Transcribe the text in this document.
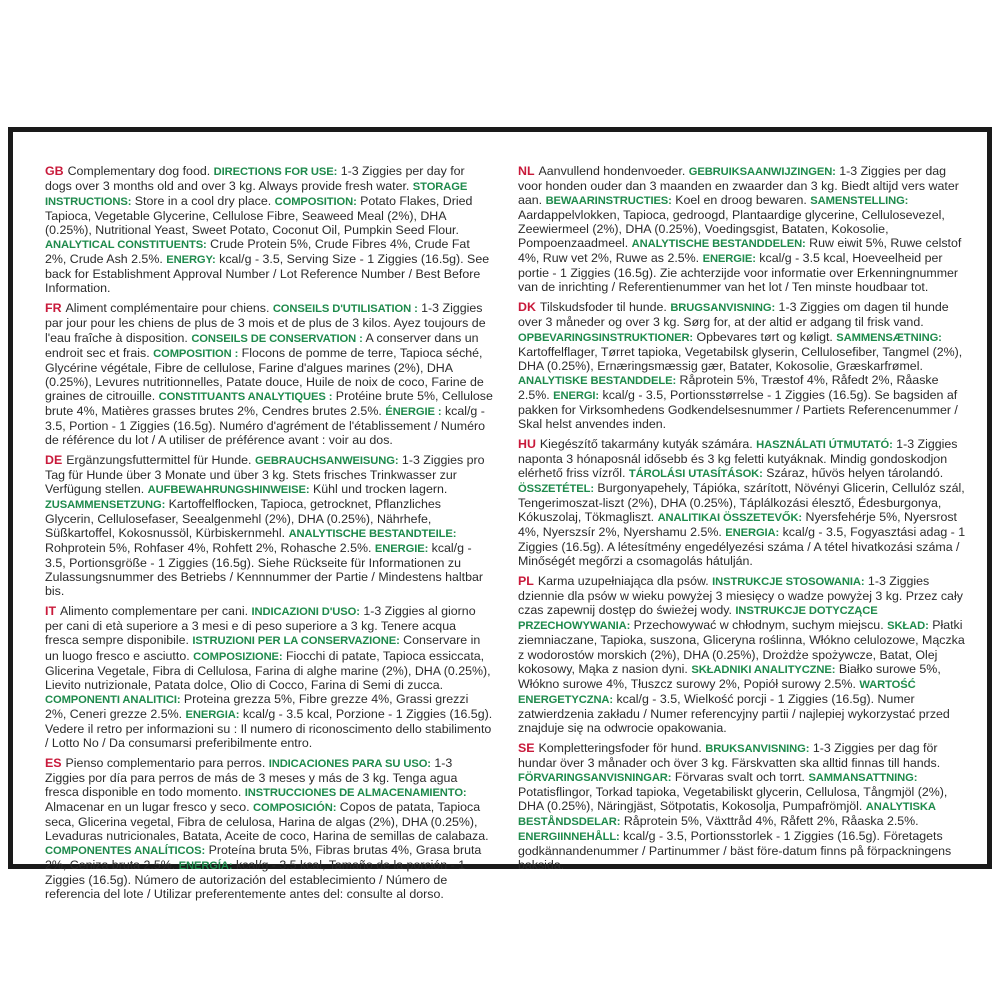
GB Complementary dog food. DIRECTIONS FOR USE: 1-3 Ziggies per day for dogs over 3 months old and over 3 kg. Always provide fresh water. STORAGE INSTRUCTIONS: Store in a cool dry place. COMPOSITION: Potato Flakes, Dried Tapioca, Vegetable Glycerine, Cellulose Fibre, Seaweed Meal (2%), DHA (0.25%), Nutritional Yeast, Sweet Potato, Coconut Oil, Pumpkin Seed Flour. ANALYTICAL CONSTITUENTS: Crude Protein 5%, Crude Fibres 4%, Crude Fat 2%, Crude Ash 2.5%. ENERGY: kcal/g - 3.5, Serving Size - 1 Ziggies (16.5g). See back for Establishment Approval Number / Lot Reference Number / Best Before Information.

FR Aliment complémentaire pour chiens. CONSEILS D'UTILISATION : 1-3 Ziggies par jour pour les chiens de plus de 3 mois et de plus de 3 kilos. Ayez toujours de l'eau fraîche à disposition. CONSEILS DE CONSERVATION : A conserver dans un endroit sec et frais. COMPOSITION : Flocons de pomme de terre, Tapioca séché, Glycérine végétale, Fibre de cellulose, Farine d'algues marines (2%), DHA (0.25%), Levures nutritionnelles, Patate douce, Huile de noix de coco, Farine de graines de citrouille. CONSTITUANTS ANALYTIQUES : Protéine brute 5%, Cellulose brute 4%, Matières grasses brutes 2%, Cendres brutes 2.5%. ÉNERGIE : kcal/g - 3.5, Portion - 1 Ziggies (16.5g). Numéro d'agrément de l'établissement / Numéro de référence du lot / A utiliser de préférence avant : voir au dos.

DE Ergänzungsfuttermittel für Hunde. GEBRAUCHSANWEISUNG: 1-3 Ziggies pro Tag für Hunde über 3 Monate und über 3 kg. Stets frisches Trinkwasser zur Verfügung stellen. AUFBEWAHRUNGSHINWEISE: Kühl und trocken lagern. ZUSAMMENSETZUNG: Kartoffelflocken, Tapioca, getrocknet, Pflanzliches Glycerin, Cellulosefaser, Seealgenmehl (2%), DHA (0.25%), Nährhefe, Süßkartoffel, Kokosnussöl, Kürbiskernmehl. ANALYTISCHE BESTANDTEILE: Rohprotein 5%, Rohfaser 4%, Rohfett 2%, Rohasche 2.5%. ENERGIE: kcal/g - 3.5, Portionsgröße - 1 Ziggies (16.5g). Siehe Rückseite für Informationen zu Zulassungsnummer des Betriebs / Kennnummer der Partie / Mindestens haltbar bis.

IT Alimento complementare per cani. INDICAZIONI D'USO: 1-3 Ziggies al giorno per cani di età superiore a 3 mesi e di peso superiore a 3 kg. Tenere acqua fresca sempre disponibile. ISTRUZIONI PER LA CONSERVAZIONE: Conservare in un luogo fresco e asciutto. COMPOSIZIONE: Fiocchi di patate, Tapioca essiccata, Glicerina Vegetale, Fibra di Cellulosa, Farina di alghe marine (2%), DHA (0.25%), Lievito nutrizionale, Patata dolce, Olio di Cocco, Farina di Semi di zucca. COMPONENTI ANALITICI: Proteina grezza 5%, Fibre grezze 4%, Grassi grezzi 2%, Ceneri grezze 2.5%. ENERGIA: kcal/g - 3.5 kcal, Porzione - 1 Ziggies (16.5g). Vedere il retro per informazioni su : Il numero di riconoscimento dello stabilimento / Lotto No / Da consumarsi preferibilmente entro.

ES Pienso complementario para perros. INDICACIONES PARA SU USO: 1-3 Ziggies por día para perros de más de 3 meses y más de 3 kg. Tenga agua fresca disponible en todo momento. INSTRUCCIONES DE ALMACENAMIENTO: Almacenar en un lugar fresco y seco. COMPOSICIÓN: Copos de patata, Tapioca seca, Glicerina vegetal, Fibra de celulosa, Harina de algas (2%), DHA (0.25%), Levaduras nutricionales, Batata, Aceite de coco, Harina de semillas de calabaza. COMPONENTES ANALÍTICOS: Proteína bruta 5%, Fibras brutas 4%, Grasa bruta 2%, Ceniza bruta 2.5%. ENERGÍA: kcal/g - 3.5 kcal, Tamaño de la porción - 1 Ziggies (16.5g). Número de autorización del establecimiento / Número de referencia del lote / Utilizar preferentemente antes del: consulte al dorso.

NL Aanvullend hondenvoeder. GEBRUIKSAANWIJZINGEN: 1-3 Ziggies per dag voor honden ouder dan 3 maanden en zwaarder dan 3 kg. Biedt altijd vers water aan. BEWAARINSTRUCTIES: Koel en droog bewaren. SAMENSTELLING: Aardappelvlokken, Tapioca, gedroogd, Plantaardige glycerine, Cellulosevezel, Zeewiermeel (2%), DHA (0.25%), Voedingsgist, Bataten, Kokosolie, Pompoenzaadmeel. ANALYTISCHE BESTANDDELEN: Ruw eiwit 5%, Ruwe celstof 4%, Ruw vet 2%, Ruwe as 2.5%. ENERGIE: kcal/g - 3.5 kcal, Hoeveelheid per portie - 1 Ziggies (16.5g). Zie achterzijde voor informatie over Erkenningnummer van de inrichting / Referentienummer van het lot / Ten minste houdbaar tot.

DK Tilskudsfoder til hunde. BRUGSANVISNING: 1-3 Ziggies om dagen til hunde over 3 måneder og over 3 kg. Sørg for, at der altid er adgang til frisk vand. OPBEVARINGSINSTRUKTIONER: Opbevares tørt og køligt. SAMMENSÆTNING: Kartoffelflager, Tørret tapioka, Vegetabilsk glyserin, Cellulosefiber, Tangmel (2%), DHA (0.25%), Ernæringsmæssig gær, Batater, Kokosolie, Græskarfrømel. ANALYTISKE BESTANDDELE: Råprotein 5%, Træstof 4%, Råfedt 2%, Råaske 2.5%. ENERGI: kcal/g - 3.5, Portionsstørrelse - 1 Ziggies (16.5g). Se bagsiden af pakken for Virksomhedens Godkendelsesnummer / Partiets Referencenummer / Skal helst anvendes inden.

HU Kiegészítő takarmány kutyák számára. HASZNÁLATI ÚTMUTATÓ: 1-3 Ziggies naponta 3 hónaposnál idősebb és 3 kg feletti kutyáknak. Mindig gondoskodjon elérhető friss vízről. TÁROLÁSI UTASÍTÁSOK: Száraz, hűvös helyen tárolandó. ÖSSZETÉTEL: Burgonyapehely, Tápióka, szárított, Növényi Glicerin, Cellulóz szál, Tengerimoszat-liszt (2%), DHA (0.25%), Táplálkozási élesztő, Édesburgonya, Kókuszolaj, Tökmagliszt. ANALITIKAI ÖSSZETEVŐK: Nyersfehérje 5%, Nyersrost 4%, Nyerszsír 2%, Nyershamu 2.5%. ENERGIA: kcal/g - 3.5, Fogyasztási adag - 1 Ziggies (16.5g). A létesítmény engedélyezési száma / A tétel hivatkozási száma / Minőségét megőrzi a csomagolás hátulján.

PL Karma uzupełniająca dla psów. INSTRUKCJE STOSOWANIA: 1-3 Ziggies dziennie dla psów w wieku powyżej 3 miesięcy o wadze powyżej 3 kg. Przez cały czas zapewnij dostęp do świeżej wody. INSTRUKCJE DOTYCZĄCE PRZECHOWYWANIA: Przechowywać w chłodnym, suchym miejscu. SKŁAD: Płatki ziemniaczane, Tapioka, suszona, Gliceryna roślinna, Włókno celulozowe, Mączka z wodorostów morskich (2%), DHA (0.25%), Drożdże spożywcze, Batat, Olej kokosowy, Mąka z nasion dyni. SKŁADNIKI ANALITYCZNE: Białko surowe 5%, Włókno surowe 4%, Tłuszcz surowy 2%, Popiół surowy 2.5%. WARTOŚĆ ENERGETYCZNA: kcal/g - 3.5, Wielkość porcji - 1 Ziggies (16.5g). Numer zatwierdzenia zakładu / Numer referencyjny partii / najlepiej wykorzystać przed znajduje się na odwrocie opakowania.

SE Kompletteringsfoder för hund. BRUKSANVISNING: 1-3 Ziggies per dag för hundar över 3 månader och över 3 kg. Färskvatten ska alltid finnas till hands. FÖRVARINGSANVISNINGAR: Förvaras svalt och torrt. SAMMANSATTNING: Potatisflingor, Torkad tapioka, Vegetabiliskt glycerin, Cellulosa, Tångmjöl (2%), DHA (0.25%), Näringjäst, Sötpotatis, Kokosolja, Pumpafrömjöl. ANALYTISKA BESTÅNDSDELAR: Råprotein 5%, Växttråd 4%, Råfett 2%, Råaska 2.5%. ENERGIINNEHÅLL: kcal/g - 3.5, Portionsstorlek - 1 Ziggies (16.5g). Företagets godkännandenummer / Partinummer / bäst före-datum finns på förpackningens baksida.
